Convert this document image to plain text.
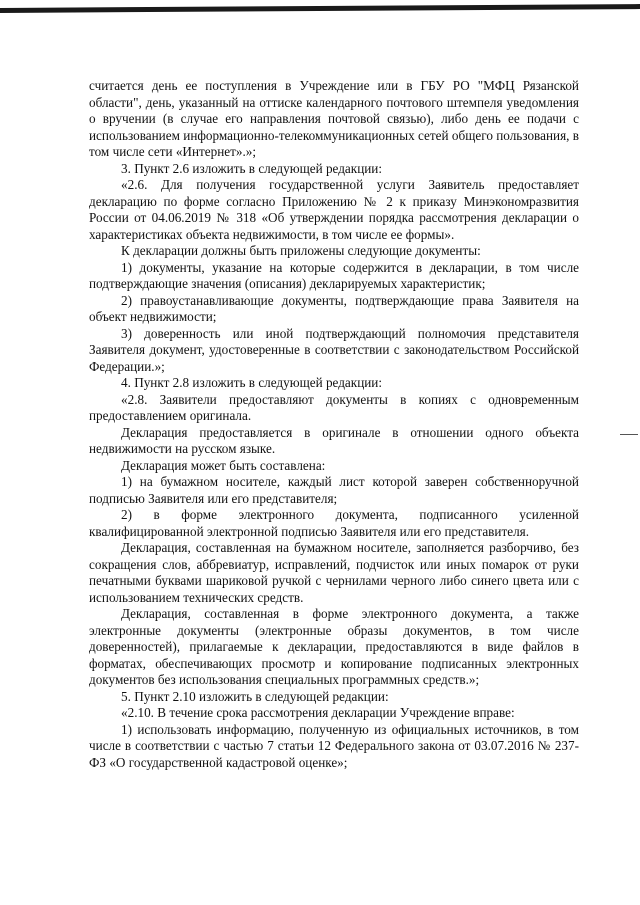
считается день ее поступления в Учреждение или в ГБУ РО "МФЦ Рязанской области", день, указанный на оттиске календарного почтового штемпеля уведомления о вручении (в случае его направления почтовой связью), либо день ее подачи с использованием информационно-телекоммуникационных сетей общего пользования, в том числе сети «Интернет».»;

3. Пункт 2.6 изложить в следующей редакции:

«2.6. Для получения государственной услуги Заявитель предоставляет декларацию по форме согласно Приложению № 2 к приказу Минэкономразвития России от 04.06.2019 № 318 «Об утверждении порядка рассмотрения декларации о характеристиках объекта недвижимости, в том числе ее формы».

К декларации должны быть приложены следующие документы:

1) документы, указание на которые содержится в декларации, в том числе подтверждающие значения (описания) декларируемых характеристик;

2) правоустанавливающие документы, подтверждающие права Заявителя на объект недвижимости;

3) доверенность или иной подтверждающий полномочия представителя Заявителя документ, удостоверенные в соответствии с законодательством Российской Федерации.»;

4. Пункт 2.8 изложить в следующей редакции:

«2.8. Заявители предоставляют документы в копиях с одновременным предоставлением оригинала.

Декларация предоставляется в оригинале в отношении одного объекта недвижимости на русском языке.

Декларация может быть составлена:

1) на бумажном носителе, каждый лист которой заверен собственноручной подписью Заявителя или его представителя;

2) в форме электронного документа, подписанного усиленной квалифицированной электронной подписью Заявителя или его представителя.

Декларация, составленная на бумажном носителе, заполняется разборчиво, без сокращения слов, аббревиатур, исправлений, подчисток или иных помарок от руки печатными буквами шариковой ручкой с чернилами черного либо синего цвета или с использованием технических средств.

Декларация, составленная в форме электронного документа, а также электронные документы (электронные образы документов, в том числе доверенностей), прилагаемые к декларации, предоставляются в виде файлов в форматах, обеспечивающих просмотр и копирование подписанных электронных документов без использования специальных программных средств.»;

5. Пункт 2.10 изложить в следующей редакции:

«2.10. В течение срока рассмотрения декларации Учреждение вправе:

1) использовать информацию, полученную из официальных источников, в том числе в соответствии с частью 7 статьи 12 Федерального закона от 03.07.2016 № 237-ФЗ «О государственной кадастровой оценке»;
